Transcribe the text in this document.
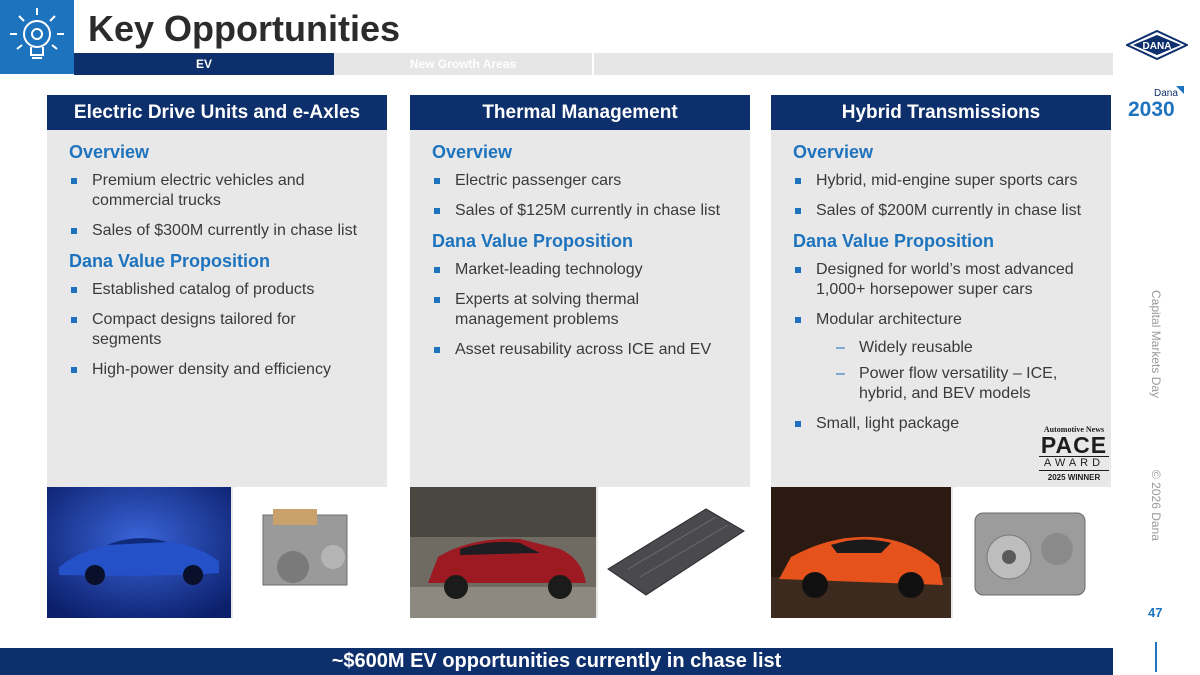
Key Opportunities
EV	New Growth Areas
DANA
Dana
2030
Capital Markets Day
© 2026 Dana
47
Electric Drive Units and e-Axles
Overview
Premium electric vehicles and commercial trucks
Sales of $300M currently in chase list
Dana Value Proposition
Established catalog of products
Compact designs tailored for segments
High-power density and efficiency
Thermal Management
Overview
Electric passenger cars
Sales of $125M currently in chase list
Dana Value Proposition
Market-leading technology
Experts at solving thermal management problems
Asset reusability across ICE and EV
Hybrid Transmissions
Overview
Hybrid, mid-engine super sports cars
Sales of $200M currently in chase list
Dana Value Proposition
Designed for world’s most advanced 1,000+ horsepower super cars
Modular architecture
– Widely reusable
– Power flow versatility – ICE, hybrid, and BEV models
Small, light package	Automotive News
PACE
AWARD
2025 WINNER
~$600M EV opportunities currently in chase list
